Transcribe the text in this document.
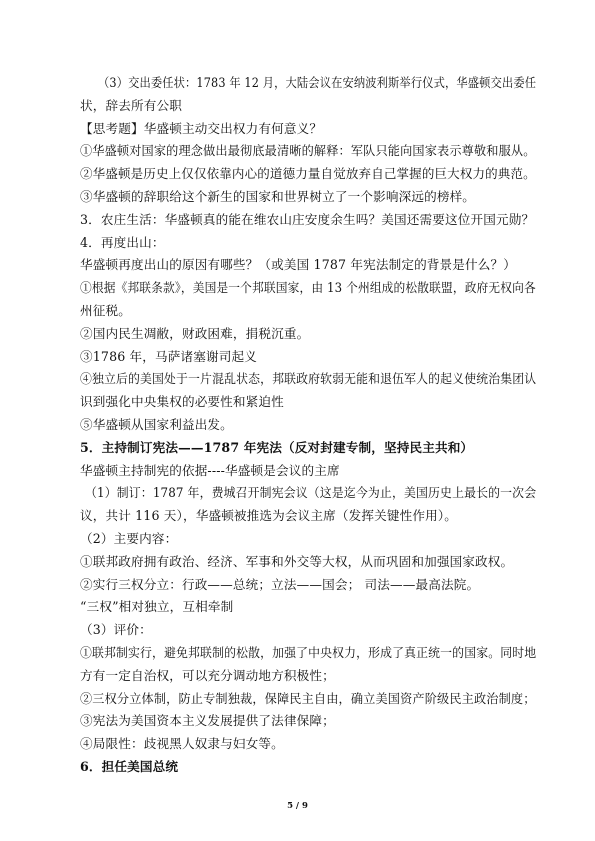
（3）交出委任状：1783 年 12 月，大陆会议在安纳波利斯举行仪式，华盛顿交出委任
状，辞去所有公职
【思考题】华盛顿主动交出权力有何意义？
①华盛顿对国家的理念做出最彻底最清晰的解释：军队只能向国家表示尊敬和服从。
②华盛顿是历史上仅仅依靠内心的道德力量自觉放弃自己掌握的巨大权力的典范。
③华盛顿的辞职给这个新生的国家和世界树立了一个影响深远的榜样。
3．农庄生活：华盛顿真的能在维农山庄安度余生吗？美国还需要这位开国元勋？
4．再度出山：
华盛顿再度出山的原因有哪些？（或美国 1787 年宪法制定的背景是什么？）
①根据《邦联条款》，美国是一个邦联国家，由 13 个州组成的松散联盟，政府无权向各
州征税。
②国内民生凋敝，财政困难，捐税沉重。
③1786 年，马萨诸塞谢司起义
④独立后的美国处于一片混乱状态，邦联政府软弱无能和退伍军人的起义使统治集团认
识到强化中央集权的必要性和紧迫性
⑤华盛顿从国家利益出发。
5．主持制订宪法——1787 年宪法（反对封建专制，坚持民主共和）
华盛顿主持制宪的依据----华盛顿是会议的主席
（1）制订：1787 年，费城召开制宪会议（这是迄今为止，美国历史上最长的一次会
议，共计 116 天），华盛顿被推选为会议主席（发挥关键性作用）。
（2）主要内容：
①联邦政府拥有政治、经济、军事和外交等大权，从而巩固和加强国家政权。
②实行三权分立：行政——总统；立法——国会； 司法——最高法院。
“三权”相对独立，互相牵制
（3）评价：
①联邦制实行，避免邦联制的松散，加强了中央权力，形成了真正统一的国家。同时地
方有一定自治权，可以充分调动地方积极性；
②三权分立体制，防止专制独裁，保障民主自由，确立美国资产阶级民主政治制度；
③宪法为美国资本主义发展提供了法律保障；
④局限性：歧视黑人奴隶与妇女等。
6．担任美国总统
5 / 9
